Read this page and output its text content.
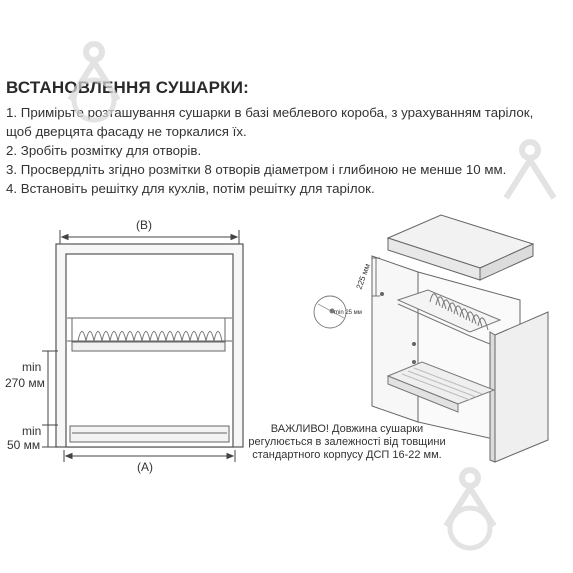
ВСТАНОВЛЕННЯ СУШАРКИ:
1. Примірьте розташування сушарки в базі меблевого короба, з урахуванням тарілок,
щоб дверцята фасаду не торкалися їх.
2. Зробіть розмітку для отворів.
3. Просвердліть згідно розмітки 8 отворів діаметром і глибиною не менше 10 мм.
4. Встановіть решітку для кухлів, потім решітку для тарілок.
(B)
(A)
min
270 мм
min
50 мм
225 мм
min 25 мм
ВАЖЛИВО! Довжина сушарки
регулюється в залежності від товщини
стандартного корпусу ДСП 16-22 мм.
